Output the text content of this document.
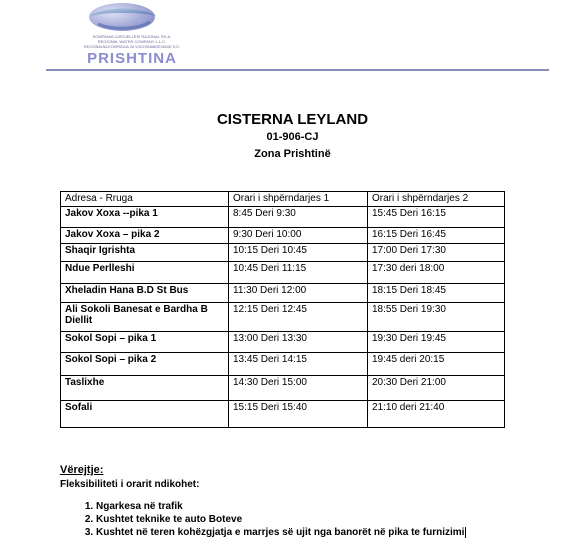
KOMPANIA UJËSJELLËSI RAJONAL SH.A.
REGIONAL WATER COMPANY L.L.C.
REGIONALNA KOMPANIJA ZA VODOSNABDEVANJE D.D.
PRISHTINA
CISTERNA LEYLAND
01-906-CJ
Zona Prishtinë
Adresa - Rruga	Orari i shpërndarjes 1	Orari i shpërndarjes 2
Jakov Xoxa --pika 1	8:45 Deri 9:30	15:45 Deri 16:15
Jakov Xoxa – pika 2	9:30 Deri 10:00	16:15 Deri 16:45
Shaqir Igrishta	10:15 Deri 10:45	17:00 Deri 17:30
Ndue Perlleshi	10:45 Deri 11:15	17:30 deri 18:00
Xheladin Hana B.D St Bus	11:30 Deri 12:00	18:15 Deri 18:45
Ali Sokoli Banesat e Bardha B Diellit	12:15 Deri 12:45	18:55 Deri 19:30
Sokol Sopi – pika 1	13:00 Deri 13:30	19:30 Deri 19:45
Sokol Sopi – pika 2	13:45 Deri 14:15	19:45 deri 20:15
Taslixhe	14:30 Deri 15:00	20:30 Deri 21:00
Sofali	15:15 Deri 15:40	21:10 deri 21:40
Vërejtje:
Fleksibiliteti i orarit ndikohet:
1. Ngarkesa në trafik
2. Kushtet teknike te auto Boteve
3. Kushtet në teren kohëzgjatja e marrjes së ujit nga banorët në pika te furnizimi
